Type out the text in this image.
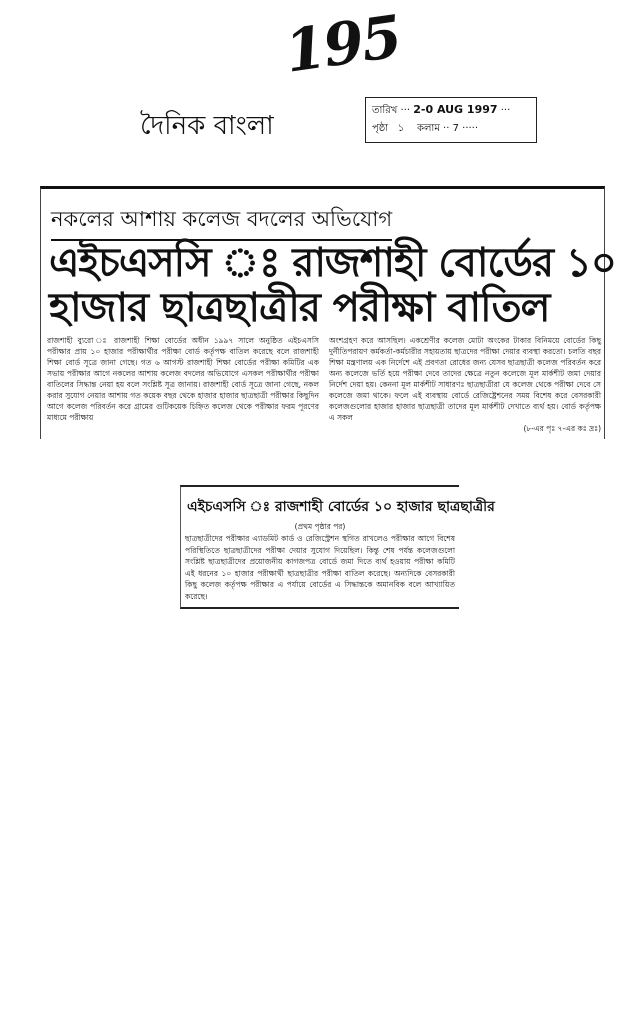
195
দৈনিক বাংলা
তারিখ ··· 2-0 AUG 1997 ···
পৃষ্ঠা ১ কলাম ·· 7 ·····
নকলের আশায় কলেজ বদলের অভিযোগ
এইচএসসি ঃ রাজশাহী বোর্ডের ১০
হাজার ছাত্রছাত্রীর পরীক্ষা বাতিল
রাজশাহী ব্যুরো ঃ রাজশাহী শিক্ষা বোর্ডের অধীন ১৯৯৭ সালে অনুষ্ঠিত এইচএসসি পরীক্ষার প্রায় ১০ হাজার পরীক্ষার্থীর পরীক্ষা বোর্ড কর্তৃপক্ষ বাতিল করেছে বলে রাজশাহী শিক্ষা বোর্ড সূত্রে জানা গেছে। গত ৬ আগস্ট রাজশাহী শিক্ষা বোর্ডের পরীক্ষা কমিটির এক সভায় পরীক্ষার আগে নকলের আশায় কলেজ বদলের অভিযোগে এসকল পরীক্ষার্থীর পরীক্ষা বাতিলের সিদ্ধান্ত নেয়া হয় বলে সংশ্লিষ্ট সূত্র জানায়। রাজশাহী বোর্ড সূত্রে জানা গেছে, নকল করার সুযোগ নেয়ার আশায় গত কয়েক বছর থেকে হাজার হাজার ছাত্রছাত্রী পরীক্ষার কিছুদিন আগে কলেজ পরিবর্তন করে গ্রামের গুটিকয়েক চিহ্নিত কলেজ থেকে পরীক্ষার ফরম পূরণের মাধ্যমে পরীক্ষায়
অংশগ্রহণ করে আসছিল। একশ্রেণীর কলেজ মোটা অংকের টাকার বিনিময়ে বোর্ডের কিছু দুর্নীতিপরায়ণ কর্মকর্তা-কর্মচারীর সহায়তায় ছাত্রদের পরীক্ষা দেয়ার ব্যবস্থা করতো। চলতি বছর শিক্ষা মন্ত্রণালয় এক নির্দেশে এই প্রবণতা রোধের জন্য যেসব ছাত্রছাত্রী কলেজ পরিবর্তন করে অন্য কলেজে ভর্তি হয়ে পরীক্ষা দেবে তাদের ক্ষেত্রে নতুন কলেজে মূল মার্কশীট জমা দেয়ার নির্দেশ দেয়া হয়। কেননা মূল মার্কশীট সাধারণঃ ছাত্রছাত্রীরা যে কলেজ থেকে পরীক্ষা দেবে সে কলেজে জমা থাকে। ফলে এই ব্যবস্থায় বোর্ডে রেজিষ্ট্রেশনের সময় বিশেষ করে বেসরকারী কলেজগুলোর হাজার হাজার ছাত্রছাত্রী তাদের মূল মার্কশীট দেখাতে ব্যর্থ হয়। বোর্ড কর্তৃপক্ষ এ সকল
(৮-এর পৃঃ ৭-এর কঃ দ্রঃ)
এইচএসসি ঃ রাজশাহী বোর্ডের ১০ হাজার ছাত্রছাত্রীর
(প্রথম পৃষ্ঠার পর)
ছাত্রছাত্রীদের পরীক্ষার এ্যাডমিট কার্ড ও রেজিস্ট্রেশন স্থগিত রাখলেও পরীক্ষার আগে বিশেষ পরিস্থিতিতে ছাত্রছাত্রীদের পরীক্ষা দেয়ার সুযোগ দিয়েছিল। কিন্তু শেষ পর্যন্ত কলেজগুলো সংশ্লিষ্ট ছাত্রছাত্রীদের প্রয়োজনীয় কাগজপত্র বোর্ডে জমা দিতে ব্যর্থ হওয়ায় পরীক্ষা কমিটি এই ধরনের ১০ হাজার পরীক্ষার্থী ছাত্রছাত্রীর পরীক্ষা বাতিল করেছে। অন্যদিকে বেসরকারী কিছু কলেজ কর্তৃপক্ষ পরীক্ষার এ পর্যায়ে বোর্ডের এ সিদ্ধান্তকে অমানবিক বলে আখ্যায়িত করেছে।
